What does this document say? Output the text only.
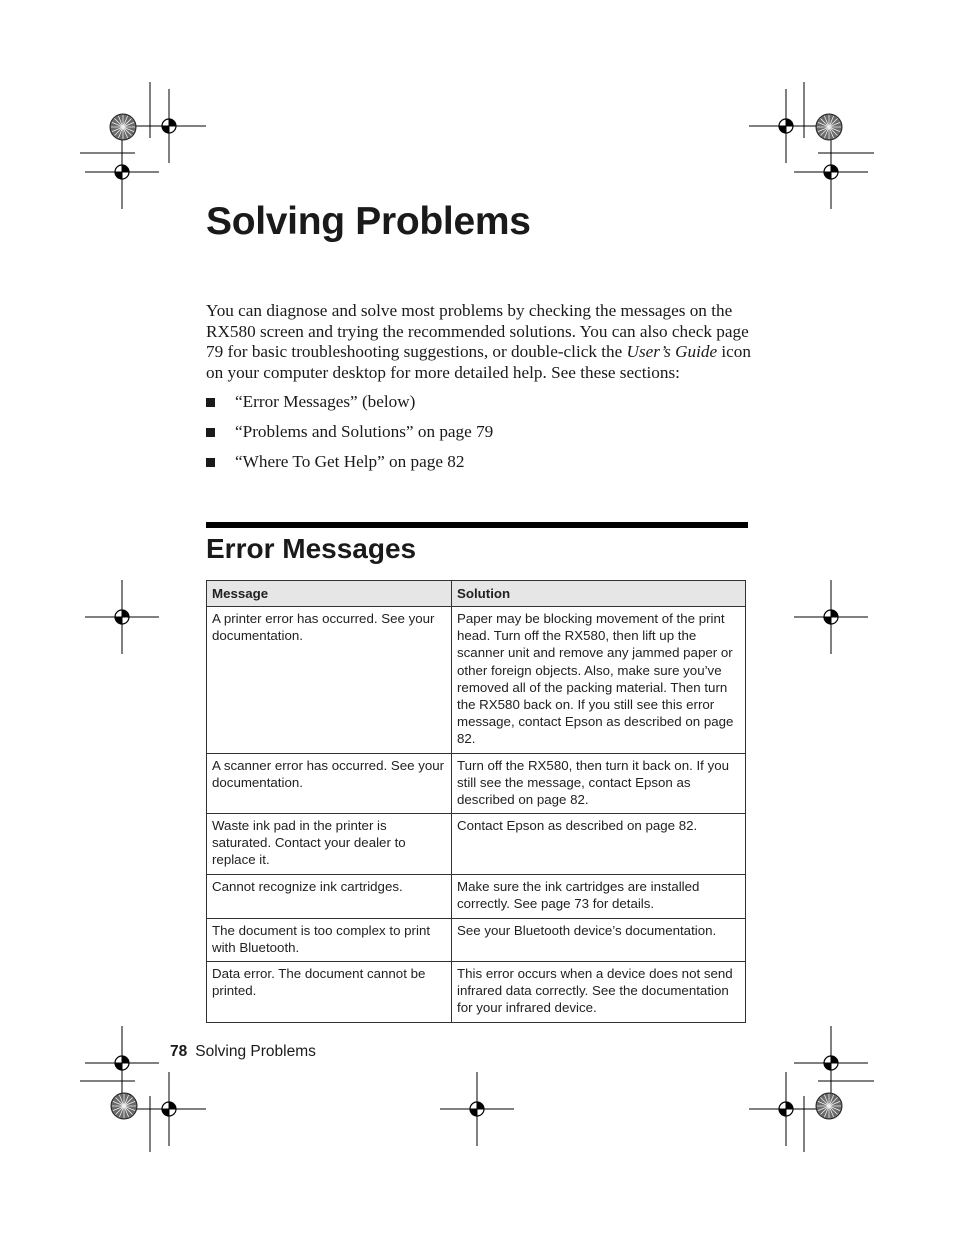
Solving Problems

You can diagnose and solve most problems by checking the messages on the RX580 screen and trying the recommended solutions. You can also check page 79 for basic troubleshooting suggestions, or double-click the User’s Guide icon on your computer desktop for more detailed help. See these sections:

“Error Messages” (below)
“Problems and Solutions” on page 79
“Where To Get Help” on page 82
Error Messages
Message	Solution
A printer error has occurred. See your documentation.	Paper may be blocking movement of the print head. Turn off the RX580, then lift up the scanner unit and remove any jammed paper or other foreign objects. Also, make sure you’ve removed all of the packing material. Then turn the RX580 back on. If you still see this error message, contact Epson as described on page 82.
A scanner error has occurred. See your documentation.	Turn off the RX580, then turn it back on. If you still see the message, contact Epson as described on page 82.
Waste ink pad in the printer is saturated. Contact your dealer to replace it.	Contact Epson as described on page 82.
Cannot recognize ink cartridges.	Make sure the ink cartridges are installed correctly. See page 73 for details.
The document is too complex to print with Bluetooth.	See your Bluetooth device’s documentation.
Data error. The document cannot be printed.	This error occurs when a device does not send infrared data correctly. See the documentation for your infrared device.
78 Solving Problems
